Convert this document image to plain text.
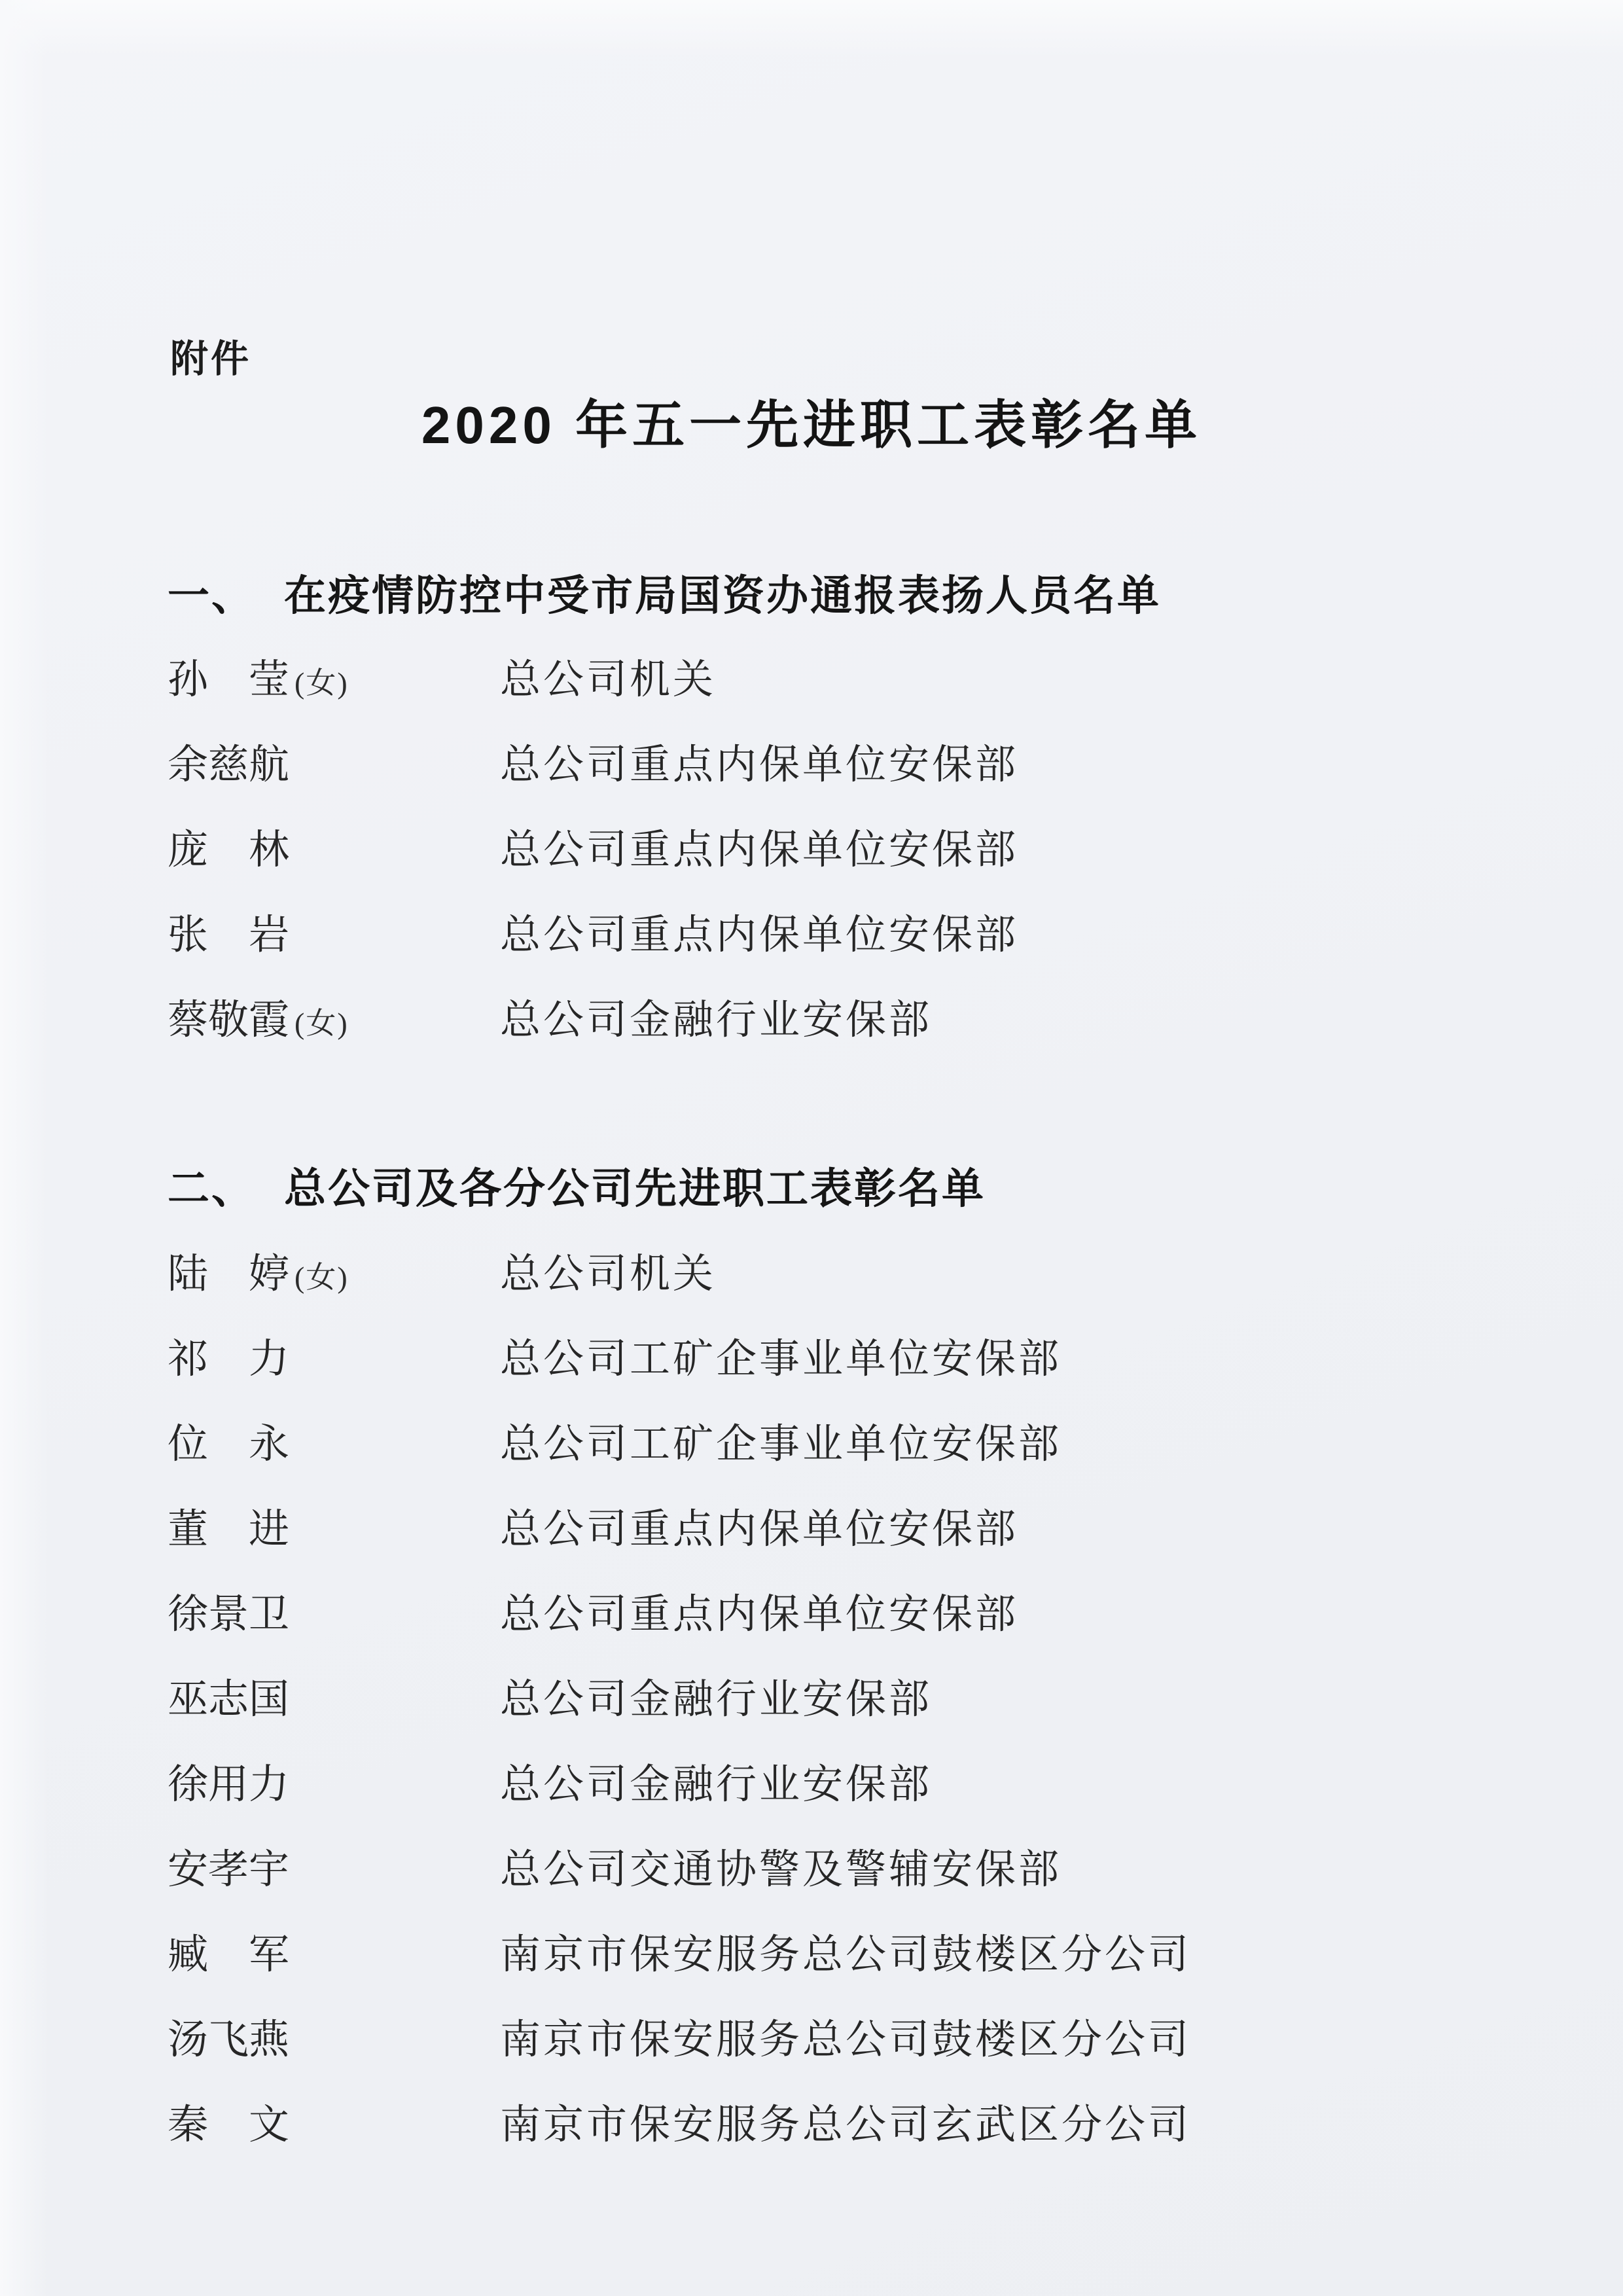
附件
2020 年五一先进职工表彰名单
一、 在疫情防控中受市局国资办通报表扬人员名单
孙　莹 (女)	总公司机关
余慈航	总公司重点内保单位安保部
庞　林	总公司重点内保单位安保部
张　岩	总公司重点内保单位安保部
蔡敬霞 (女)	总公司金融行业安保部
二、 总公司及各分公司先进职工表彰名单
陆　婷 (女)	总公司机关
祁　力	总公司工矿企事业单位安保部
位　永	总公司工矿企事业单位安保部
董　进	总公司重点内保单位安保部
徐景卫	总公司重点内保单位安保部
巫志国	总公司金融行业安保部
徐用力	总公司金融行业安保部
安孝宇	总公司交通协警及警辅安保部
臧　军	南京市保安服务总公司鼓楼区分公司
汤飞燕	南京市保安服务总公司鼓楼区分公司
秦　文	南京市保安服务总公司玄武区分公司
